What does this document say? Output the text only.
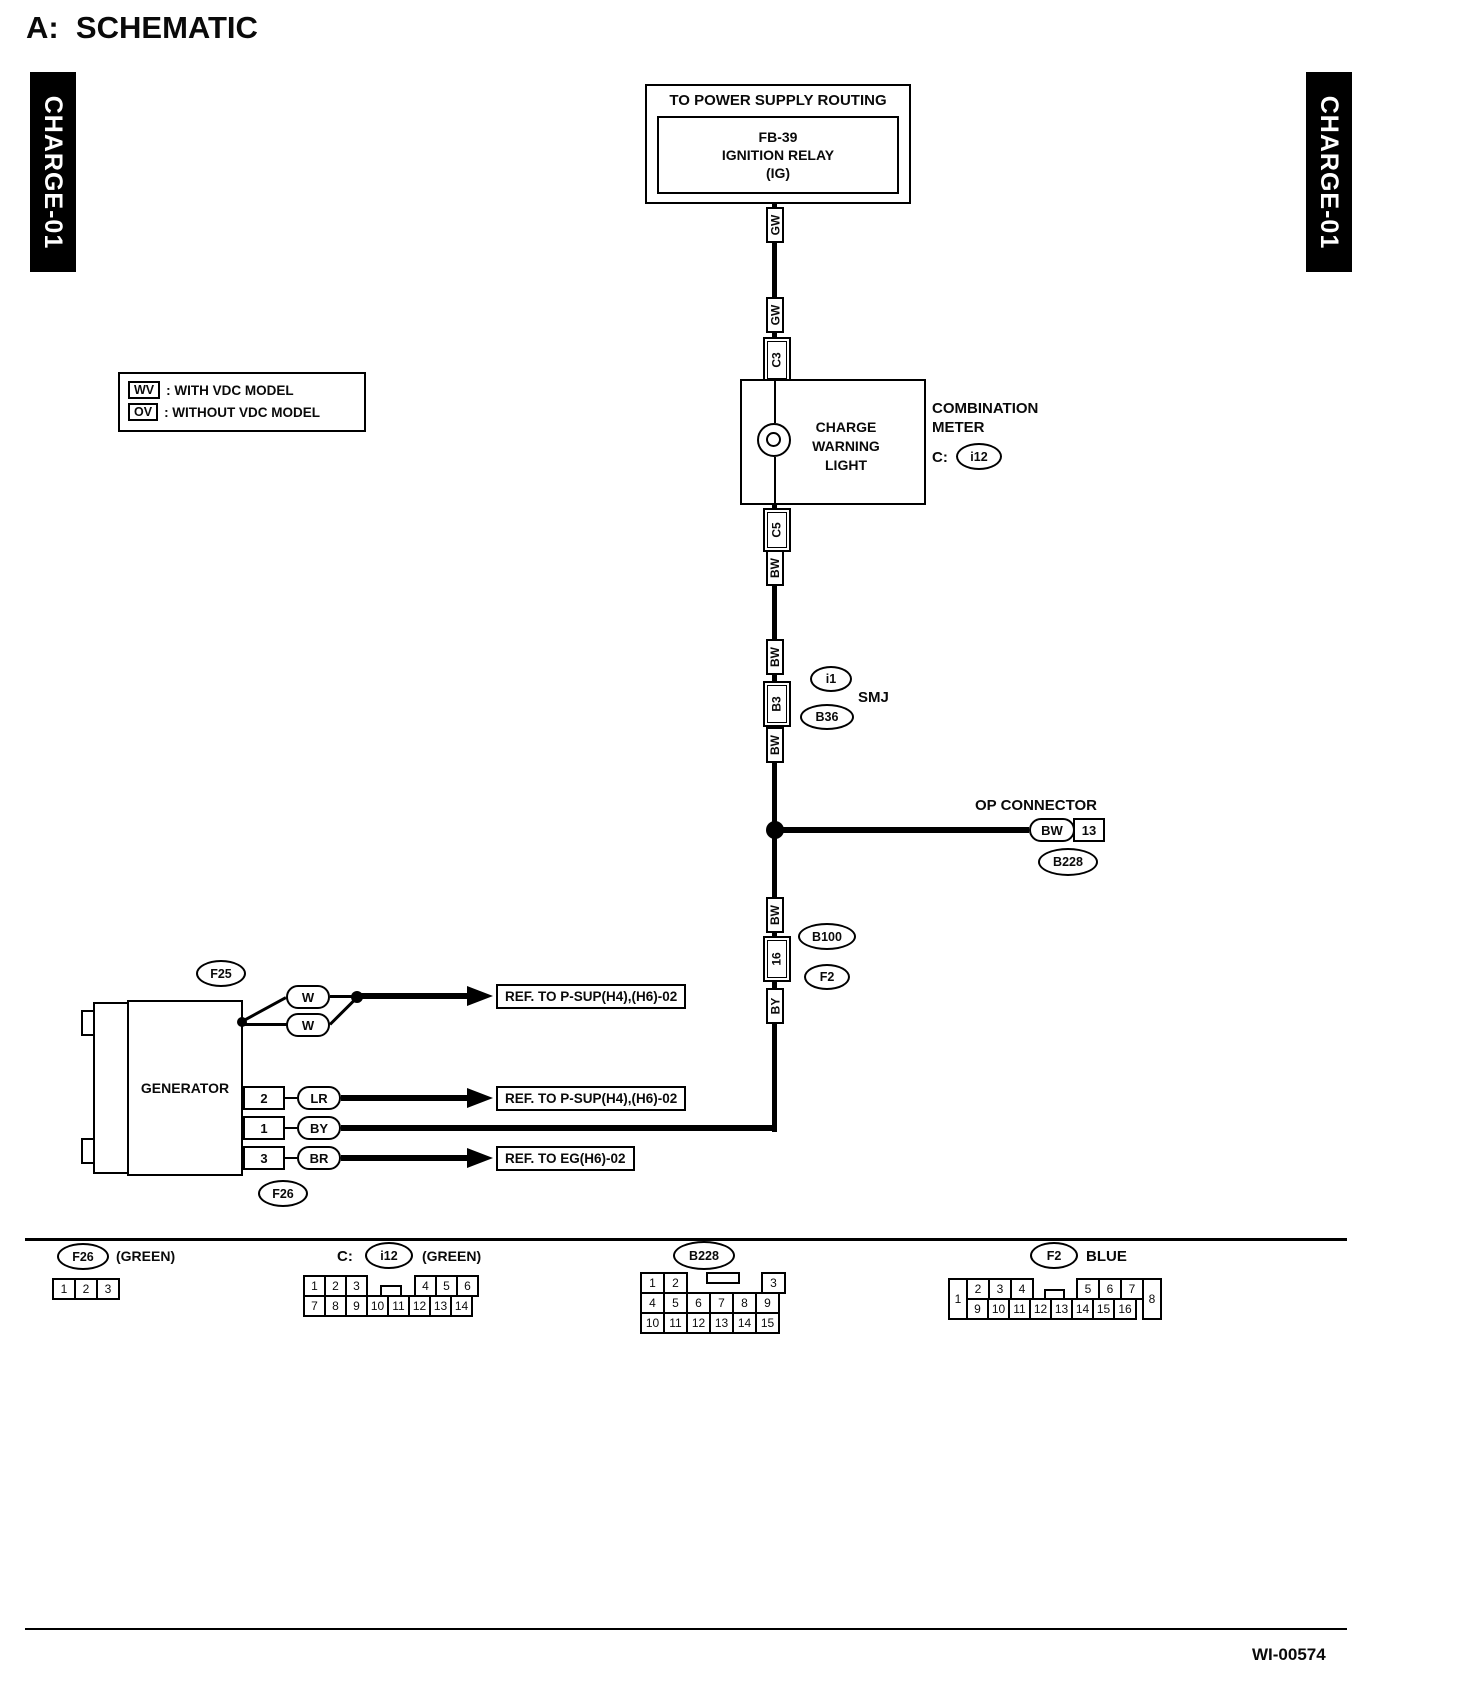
A:  SCHEMATIC
CHARGE-01	CHARGE-01
WV : WITH VDC MODEL
OV : WITHOUT VDC MODEL
TO POWER SUPPLY ROUTING
FB-39
IGNITION RELAY
(IG)
GW
GW
C3
CHARGE WARNING LIGHT
COMBINATION METER
C:	i12
C5
BW
BW
B3
i1
B36
SMJ
BW
OP CONNECTOR
BW	13
B228
BW
B100
16
F2
BY
GENERATOR
F25
F26
W
W
REF. TO P-SUP(H4),(H6)-02
2
1
3
LR
BY
BR
REF. TO P-SUP(H4),(H6)-02
REF. TO EG(H6)-02
F26	(GREEN)
1	2	3
C:	i12	(GREEN)
1	2	3	4	5	6
7	8	9 10 11 12 13 14
B228
1	2	3
4	5	6	7	8	9
10 11 12 13 14 15
F2	BLUE
1
2	3	4	5	6	7
9 10 11 12 13 14 15 16
8
WI-00574
